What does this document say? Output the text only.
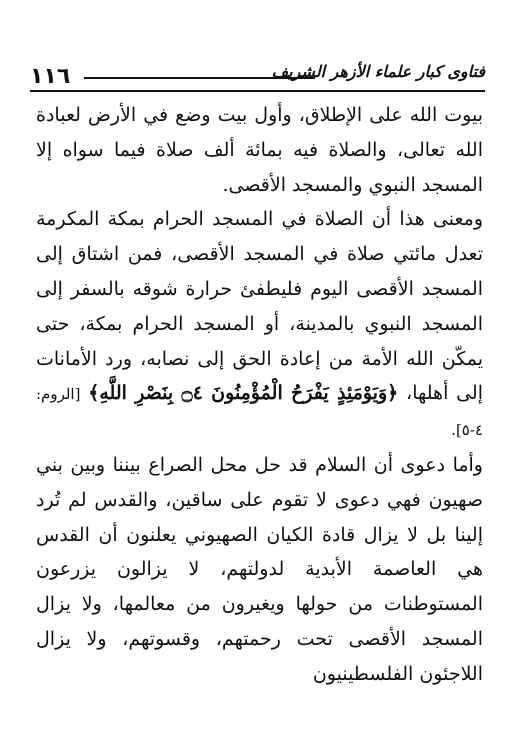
١١٦	فتاوى كبار علماء الأزهر الشريف

بيوت الله على الإطلاق، وأول بيت وضع في الأرض لعبادة الله تعالى، والصلاة فيه بمائة ألف صلاة فيما سواه إلا المسجد النبوي والمسجد الأقصى.

ومعنى هذا أن الصلاة في المسجد الحرام بمكة المكرمة تعدل مائتي صلاة في المسجد الأقصى، فمن اشتاق إلى المسجد الأقصى اليوم فليطفئ حرارة شوقه بالسفر إلى المسجد النبوي بالمدينة، أو المسجد الحرام بمكة، حتى يمكّن الله الأمة من إعادة الحق إلى نصابه، ورد الأمانات إلى أهلها، ﴿وَيَوْمَئِذٍ يَفْرَحُ الْمُؤْمِنُونَ ۝٤ بِنَصْرِ اللَّهِ﴾ [الروم: ٤-٥].

وأما دعوى أن السلام قد حل محل الصراع بيننا وبين بني صهيون فهي دعوى لا تقوم على ساقين، والقدس لم تُرد إلينا بل لا يزال قادة الكيان الصهيوني يعلنون أن القدس هي العاصمة الأبدية لدولتهم، لا يزالون يزرعون المستوطنات من حولها ويغيرون من معالمها، ولا يزال المسجد الأقصى تحت رحمتهم، وقسوتهم، ولا يزال اللاجئون الفلسطينيون
